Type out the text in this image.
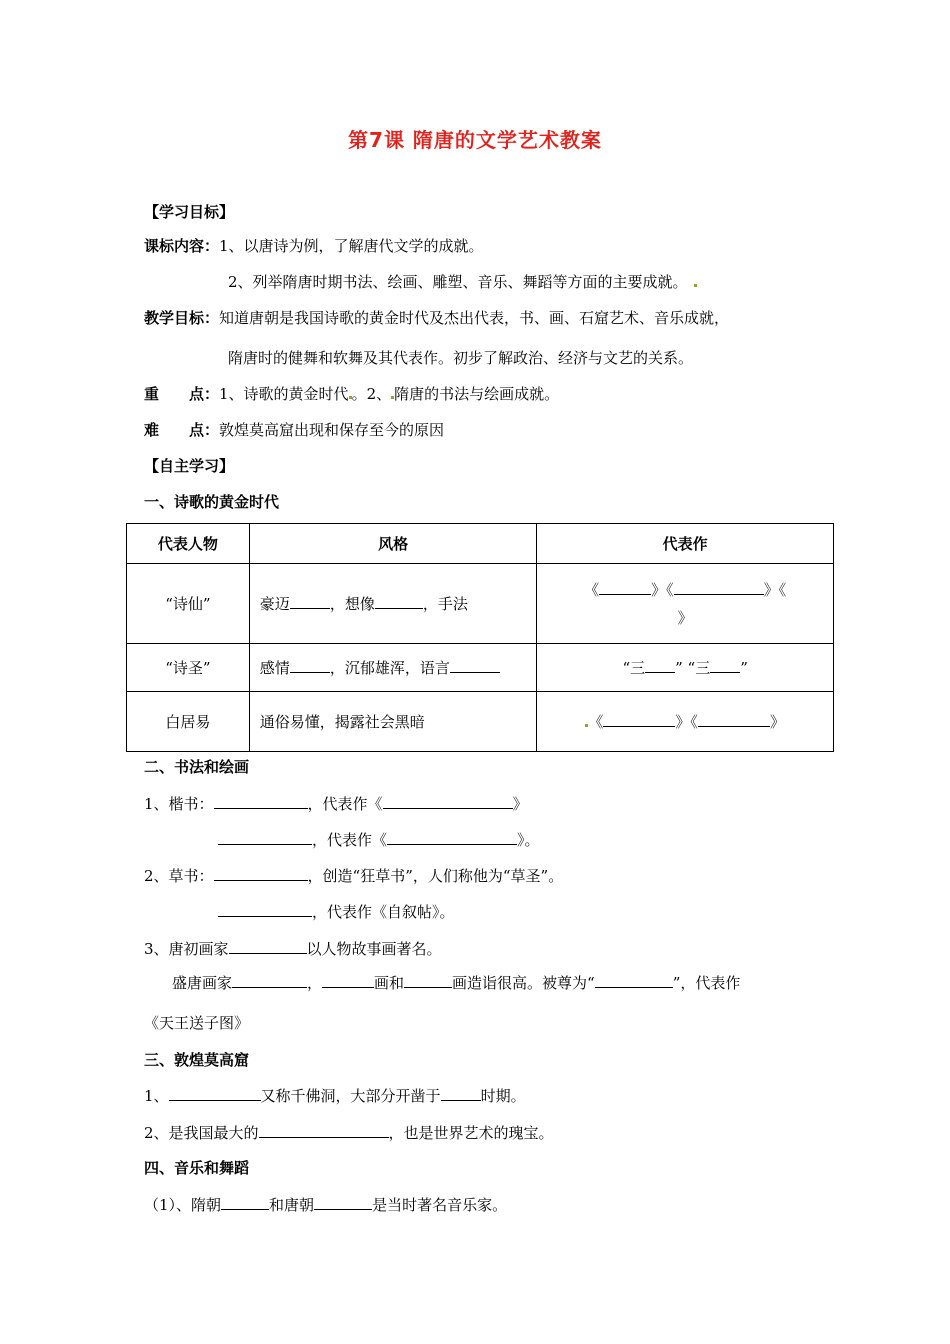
第7课 隋唐的文学艺术教案
【学习目标】
课标内容：1、以唐诗为例，了解唐代文学的成就。
2、列举隋唐时期书法、绘画、雕塑、音乐、舞蹈等方面的主要成就。
教学目标：知道唐朝是我国诗歌的黄金时代及杰出代表，书、画、石窟艺术、音乐成就，
隋唐时的健舞和软舞及其代表作。初步了解政治、经济与文艺的关系。
重　　点：1、诗歌的黄金时代 。2、 隋唐的书法与绘画成就。
难　　点：敦煌莫高窟出现和保存至今的原因
【自主学习】
一、诗歌的黄金时代
代表人物	风格	代表作
“诗仙”	豪迈 ，想像 ，手法	《 》《 》《
》
“诗圣”	感情 ，沉郁雄浑，语言	“三 ” “三 ”
白居易	通俗易懂，揭露社会黑暗	《 》《 》
二、书法和绘画
1、楷书：	，代表作《	》
，代表作《	》。
2、草书：	，创造“狂草书”，人们称他为“草圣”。
，代表作《自叙帖》。
3、唐初画家	以人物故事画著名。
盛唐画家	，	画和	画造诣很高。被尊为“	”，代表作
《天王送子图》
三、敦煌莫高窟
1、	又称千佛洞，大部分开凿于	时期。
2、是我国最大的	，也是世界艺术的瑰宝。
四、音乐和舞蹈
（1）、隋朝	和唐朝	是当时著名音乐家。
